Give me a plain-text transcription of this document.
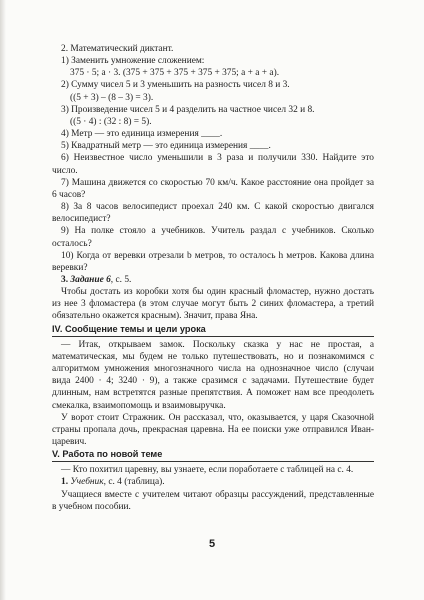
2. Математический диктант.

1) Заменить умножение сложением:

375 · 5; a · 3. (375 + 375 + 375 + 375 + 375; a + a + a).

2) Сумму чисел 5 и 3 уменьшить на разность чисел 8 и 3.

((5 + 3) – (8 – 3) = 3).

3) Произведение чисел 5 и 4 разделить на частное чисел 32 и 8.

((5 · 4) : (32 : 8) = 5).

4) Метр — это единица измерения ____.

5) Квадратный метр — это единица измерения ____.

6) Неизвестное число уменьшили в 3 раза и получили 330. Найдите это число.

7) Машина движется со скоростью 70 км/ч. Какое расстояние она пройдет за 6 часов?

8) За 8 часов велосипедист проехал 240 км. С какой скоростью двигался велосипедист?

9) На полке стояло a учебников. Учитель раздал c учебников. Сколько осталось?

10) Когда от веревки отрезали b метров, то осталось h метров. Какова длина веревки?

3. Задание 6, с. 5.

Чтобы достать из коробки хотя бы один красный фломастер, нужно достать из нее 3 фломастера (в этом случае могут быть 2 синих фломастера, а третий обязательно окажется красным). Значит, права Яна.

IV. Сообщение темы и цели урока

— Итак, открываем замок. Поскольку сказка у нас не простая, а математическая, мы будем не только путешествовать, но и познакомимся с алгоритмом умножения многозначного числа на однозначное число (случаи вида 2400 · 4; 3240 · 9), а также сразимся с задачами. Путешествие будет длинным, нам встретятся разные препятствия. А поможет нам все преодолеть смекалка, взаимопомощь и взаимовыручка.

У ворот стоит Стражник. Он рассказал, что, оказывается, у царя Сказочной страны пропала дочь, прекрасная царевна. На ее поиски уже отправился Иван-царевич.

V. Работа по новой теме

— Кто похитил царевну, вы узнаете, если поработаете с таблицей на с. 4.

1. Учебник, с. 4 (таблица).

Учащиеся вместе с учителем читают образцы рассуждений, представленные в учебном пособии.

5
